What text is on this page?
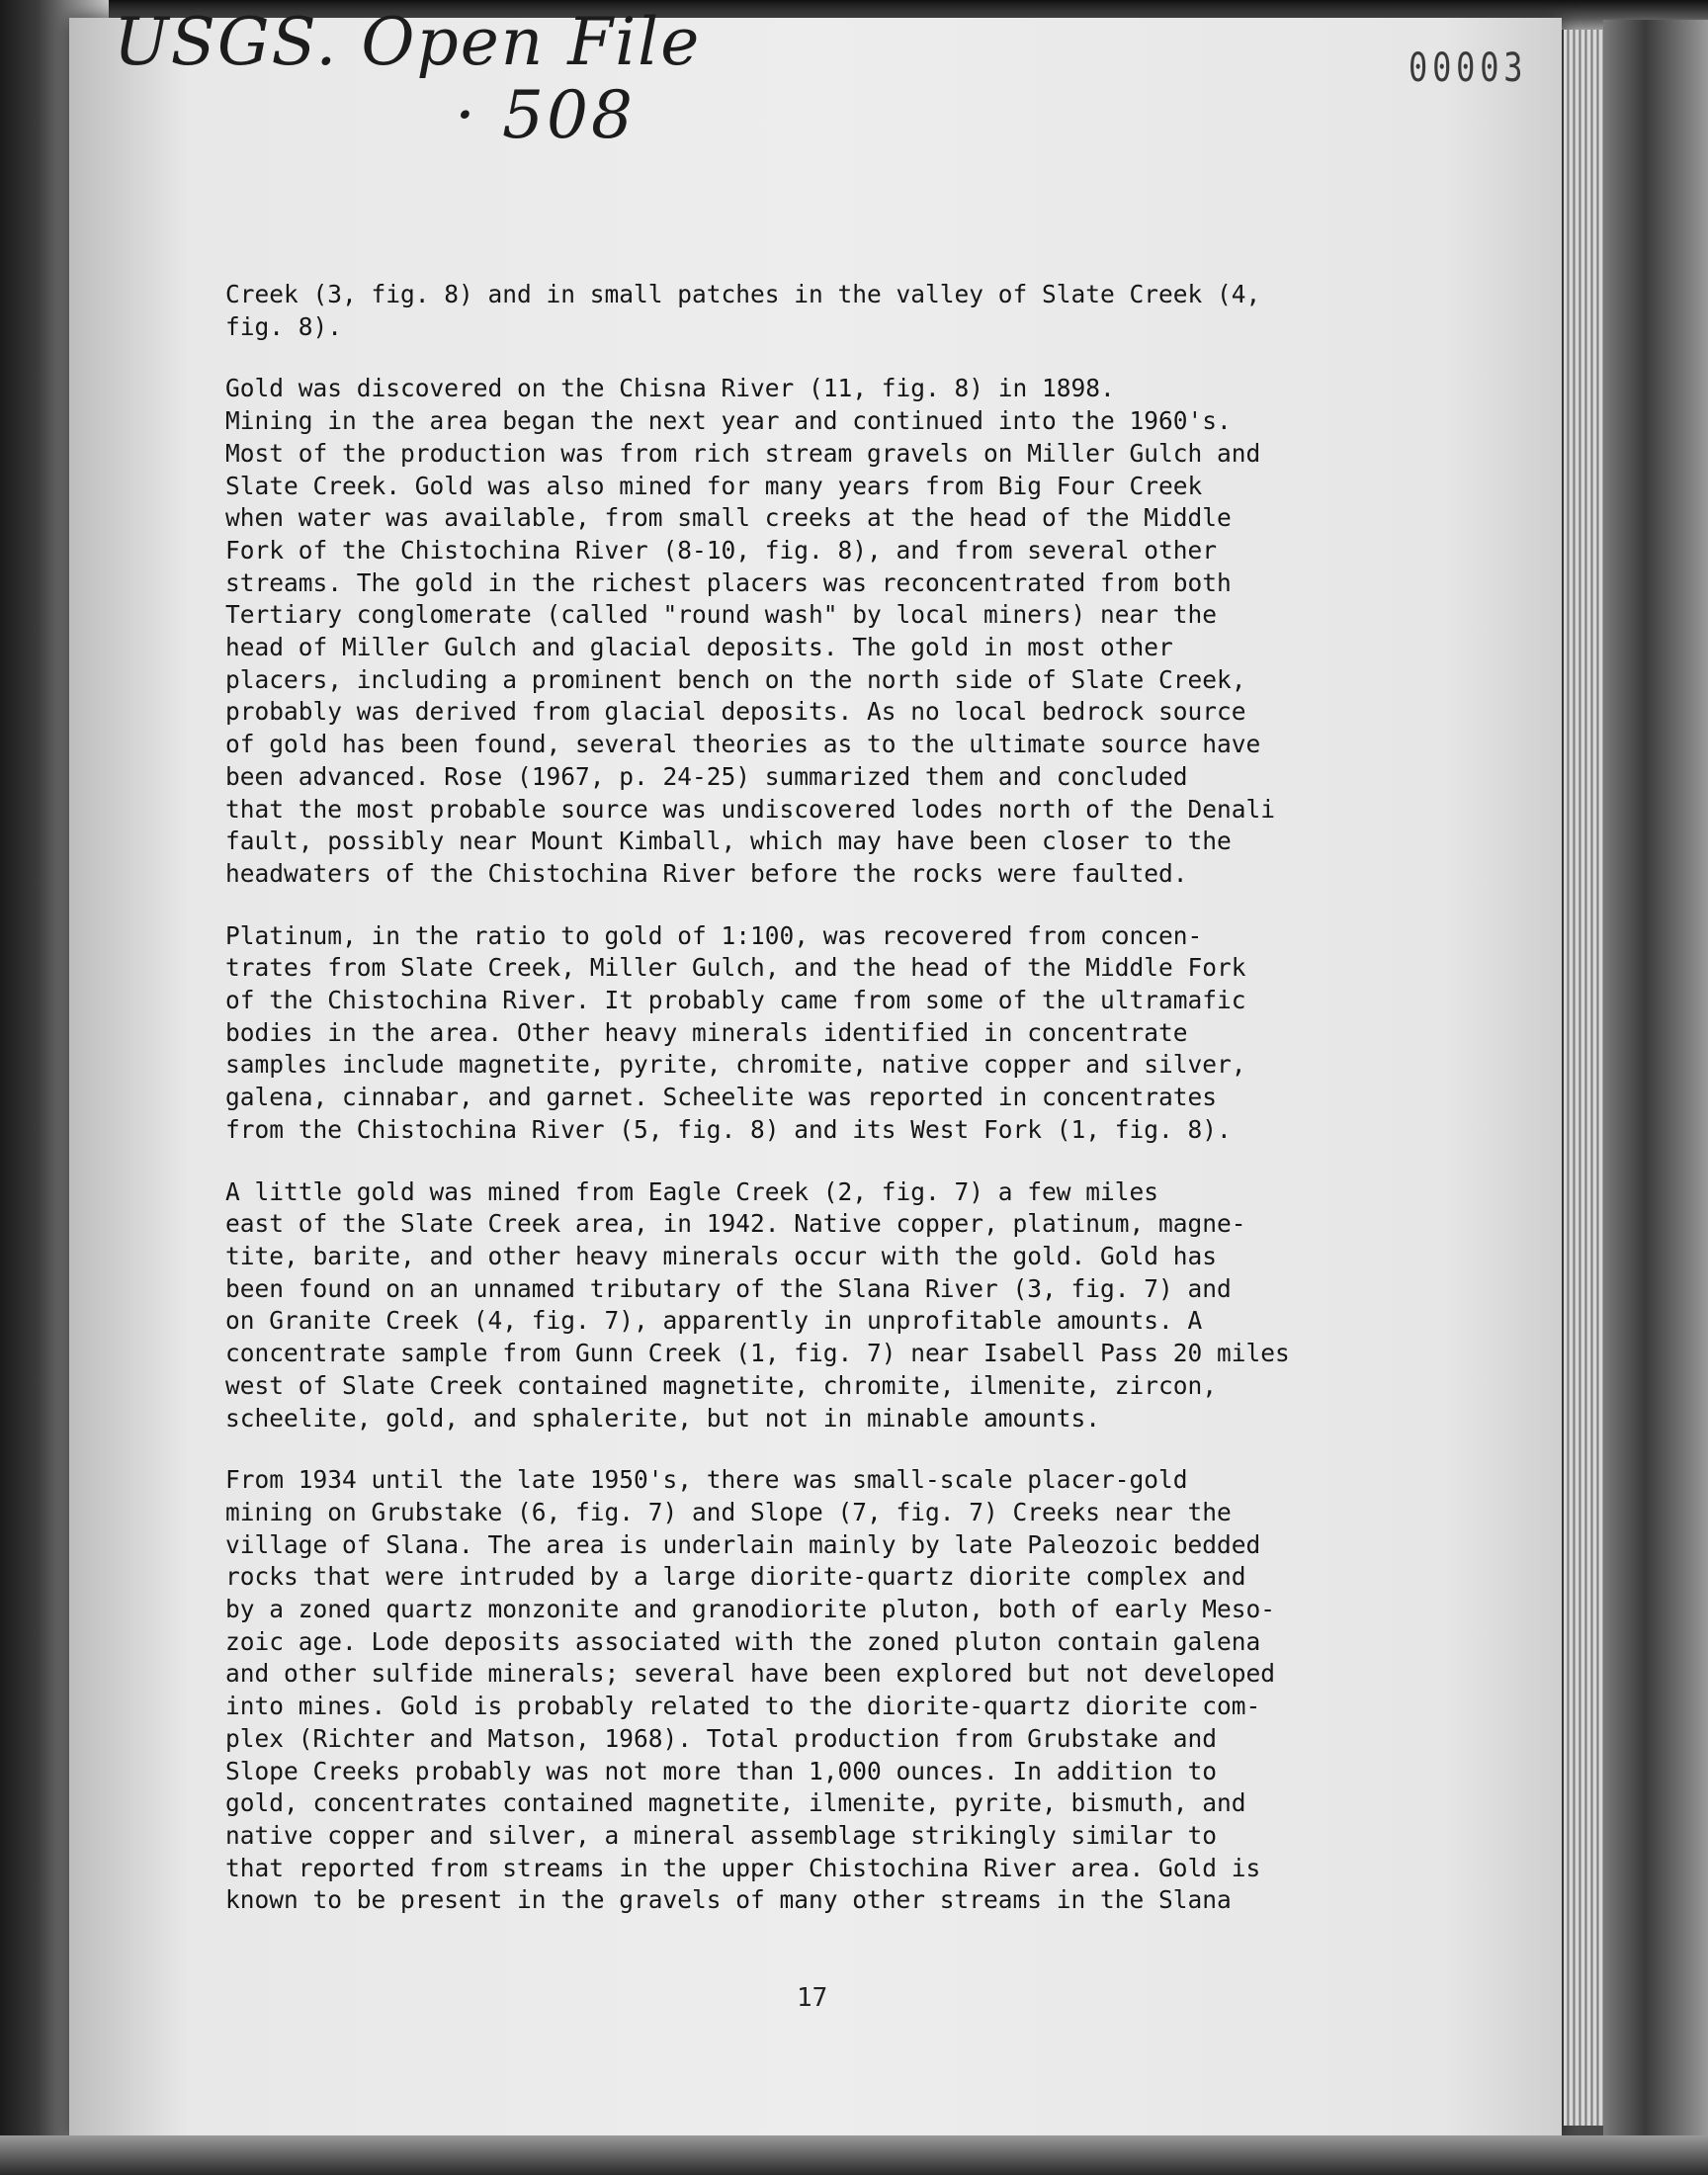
USGS. Open File

· 508

00003

Creek (3, fig. 8) and in small patches in the valley of Slate Creek (4,
fig. 8).

Gold was discovered on the Chisna River (11, fig. 8) in 1898.
Mining in the area began the next year and continued into the 1960's.
Most of the production was from rich stream gravels on Miller Gulch and
Slate Creek. Gold was also mined for many years from Big Four Creek
when water was available, from small creeks at the head of the Middle
Fork of the Chistochina River (8-10, fig. 8), and from several other
streams. The gold in the richest placers was reconcentrated from both
Tertiary conglomerate (called "round wash" by local miners) near the
head of Miller Gulch and glacial deposits. The gold in most other
placers, including a prominent bench on the north side of Slate Creek,
probably was derived from glacial deposits. As no local bedrock source
of gold has been found, several theories as to the ultimate source have
been advanced. Rose (1967, p. 24-25) summarized them and concluded
that the most probable source was undiscovered lodes north of the Denali
fault, possibly near Mount Kimball, which may have been closer to the
headwaters of the Chistochina River before the rocks were faulted.

Platinum, in the ratio to gold of 1:100, was recovered from concen-
trates from Slate Creek, Miller Gulch, and the head of the Middle Fork
of the Chistochina River. It probably came from some of the ultramafic
bodies in the area. Other heavy minerals identified in concentrate
samples include magnetite, pyrite, chromite, native copper and silver,
galena, cinnabar, and garnet. Scheelite was reported in concentrates
from the Chistochina River (5, fig. 8) and its West Fork (1, fig. 8).

A little gold was mined from Eagle Creek (2, fig. 7) a few miles
east of the Slate Creek area, in 1942. Native copper, platinum, magne-
tite, barite, and other heavy minerals occur with the gold. Gold has
been found on an unnamed tributary of the Slana River (3, fig. 7) and
on Granite Creek (4, fig. 7), apparently in unprofitable amounts. A
concentrate sample from Gunn Creek (1, fig. 7) near Isabell Pass 20 miles
west of Slate Creek contained magnetite, chromite, ilmenite, zircon,
scheelite, gold, and sphalerite, but not in minable amounts.

From 1934 until the late 1950's, there was small-scale placer-gold
mining on Grubstake (6, fig. 7) and Slope (7, fig. 7) Creeks near the
village of Slana. The area is underlain mainly by late Paleozoic bedded
rocks that were intruded by a large diorite-quartz diorite complex and
by a zoned quartz monzonite and granodiorite pluton, both of early Meso-
zoic age. Lode deposits associated with the zoned pluton contain galena
and other sulfide minerals; several have been explored but not developed
into mines. Gold is probably related to the diorite-quartz diorite com-
plex (Richter and Matson, 1968). Total production from Grubstake and
Slope Creeks probably was not more than 1,000 ounces. In addition to
gold, concentrates contained magnetite, ilmenite, pyrite, bismuth, and
native copper and silver, a mineral assemblage strikingly similar to
that reported from streams in the upper Chistochina River area. Gold is
known to be present in the gravels of many other streams in the Slana

17
